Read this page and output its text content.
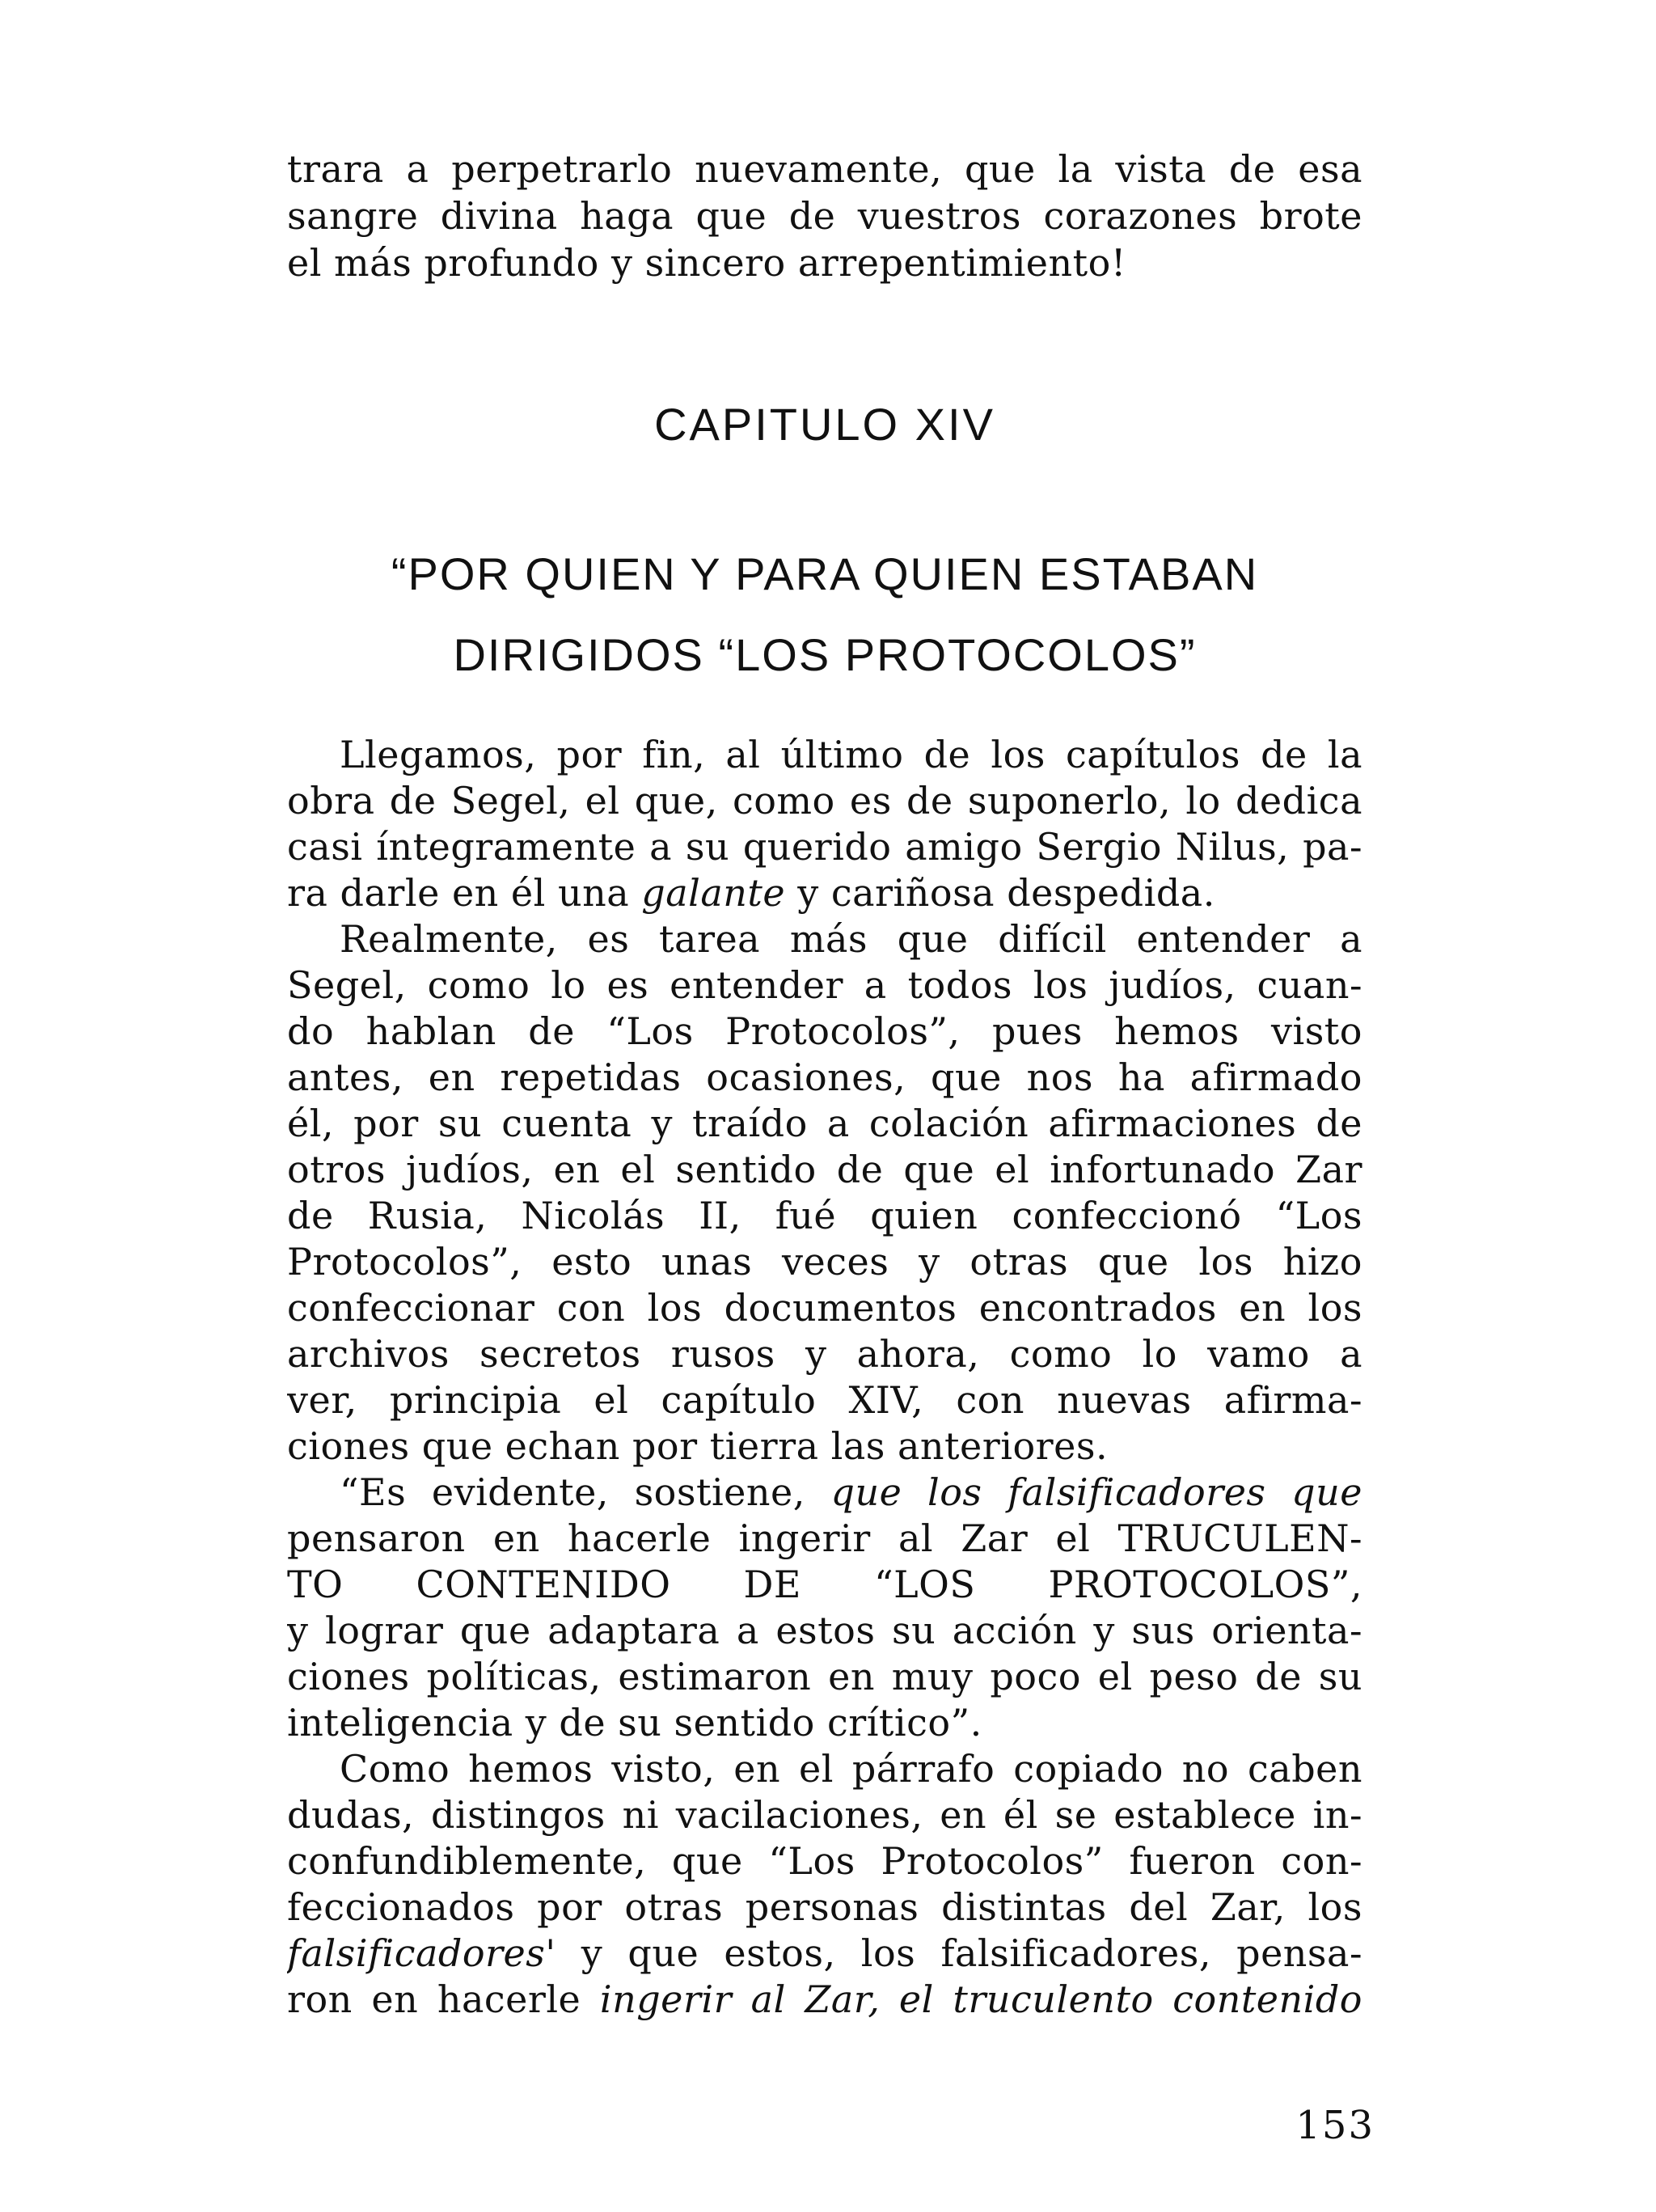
trara a perpetrarlo nuevamente, que la vista de esa
sangre divina haga que de vuestros corazones brote
el más profundo y sincero arrepentimiento!
CAPITULO XIV
“POR QUIEN Y PARA QUIEN ESTABAN
DIRIGIDOS “LOS PROTOCOLOS”
Llegamos, por fin, al último de los capítulos de la
obra de Segel, el que, como es de suponerlo, lo dedica
casi íntegramente a su querido amigo Sergio Nilus, pa-
ra darle en él una galante y cariñosa despedida.
Realmente, es tarea más que difícil entender a
Segel, como lo es entender a todos los judíos, cuan-
do hablan de “Los Protocolos”, pues hemos visto
antes, en repetidas ocasiones, que nos ha afirmado
él, por su cuenta y traído a colación afirmaciones de
otros judíos, en el sentido de que el infortunado Zar
de Rusia, Nicolás II, fué quien confeccionó “Los
Protocolos”, esto unas veces y otras que los hizo
confeccionar con los documentos encontrados en los
archivos secretos rusos y ahora, como lo vamo a
ver, principia el capítulo XIV, con nuevas afirma-
ciones que echan por tierra las anteriores.
“Es evidente, sostiene, que los falsificadores que
pensaron en hacerle ingerir al Zar el TRUCULEN-
TO CONTENIDO DE “LOS PROTOCOLOS”,
y lograr que adaptara a estos su acción y sus orienta-
ciones políticas, estimaron en muy poco el peso de su
inteligencia y de su sentido crítico”.
Como hemos visto, en el párrafo copiado no caben
dudas, distingos ni vacilaciones, en él se establece in-
confundiblemente, que “Los Protocolos” fueron con-
feccionados por otras personas distintas del Zar, los
falsificadores' y que estos, los falsificadores, pensa-
ron en hacerle ingerir al Zar, el truculento contenido
153
